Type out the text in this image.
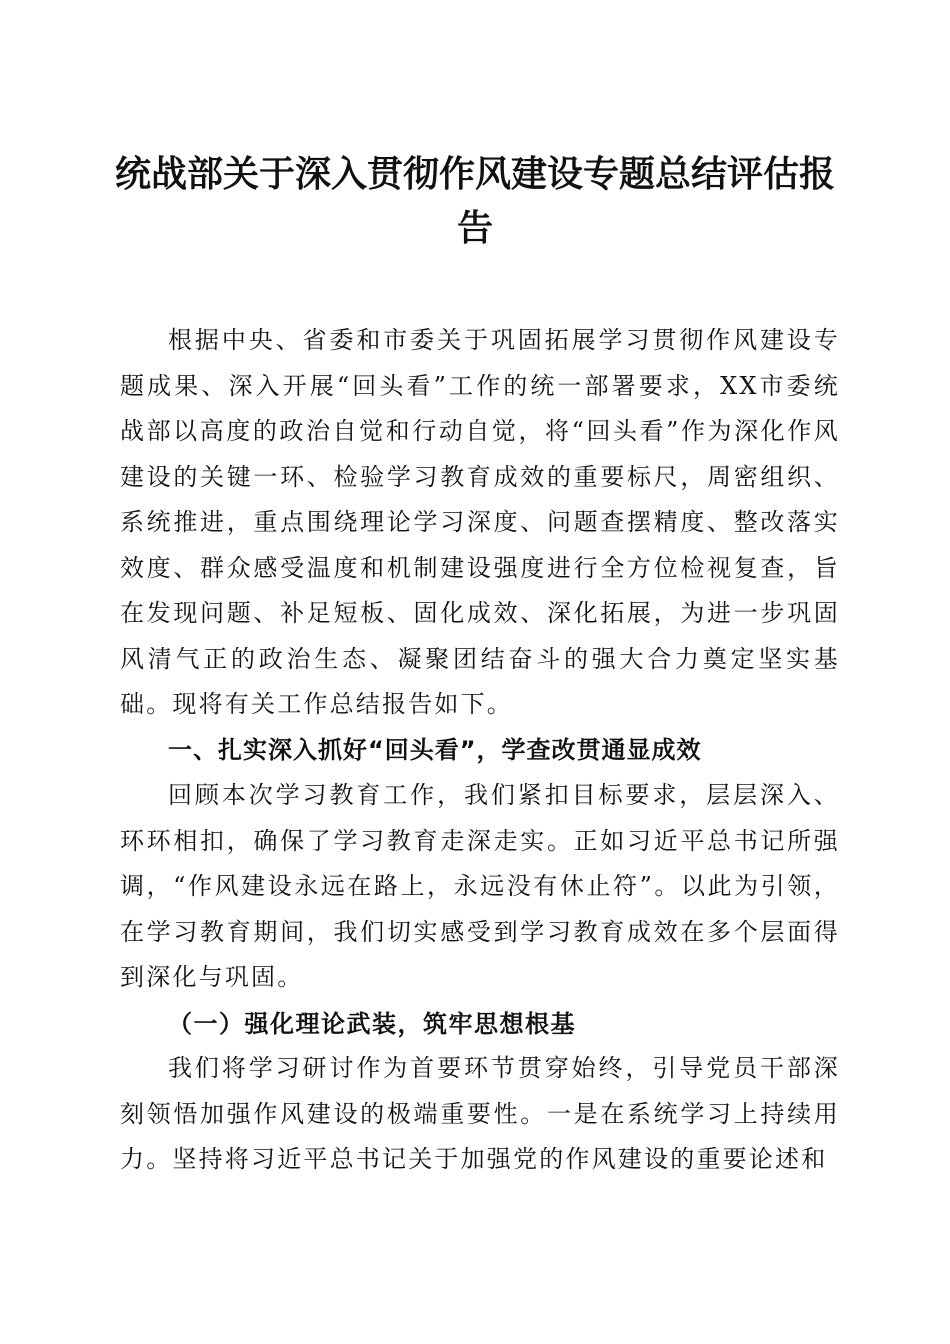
统战部关于深入贯彻作风建设专题总结评估报告

根据中央、省委和市委关于巩固拓展学习贯彻作风建设专题成果、深入开展“回头看”工作的统一部署要求，XX市委统战部以高度的政治自觉和行动自觉，将“回头看”作为深化作风建设的关键一环、检验学习教育成效的重要标尺，周密组织、系统推进，重点围绕理论学习深度、问题查摆精度、整改落实效度、群众感受温度和机制建设强度进行全方位检视复查，旨在发现问题、补足短板、固化成效、深化拓展，为进一步巩固风清气正的政治生态、凝聚团结奋斗的强大合力奠定坚实基础。现将有关工作总结报告如下。

一、扎实深入抓好“回头看”，学查改贯通显成效

回顾本次学习教育工作，我们紧扣目标要求，层层深入、环环相扣，确保了学习教育走深走实。正如习近平总书记所强调，“作风建设永远在路上，永远没有休止符”。以此为引领，在学习教育期间，我们切实感受到学习教育成效在多个层面得到深化与巩固。

（一）强化理论武装，筑牢思想根基

我们将学习研讨作为首要环节贯穿始终，引导党员干部深刻领悟加强作风建设的极端重要性。一是在系统学习上持续用力。坚持将习近平总书记关于加强党的作风建设的重要论述和
